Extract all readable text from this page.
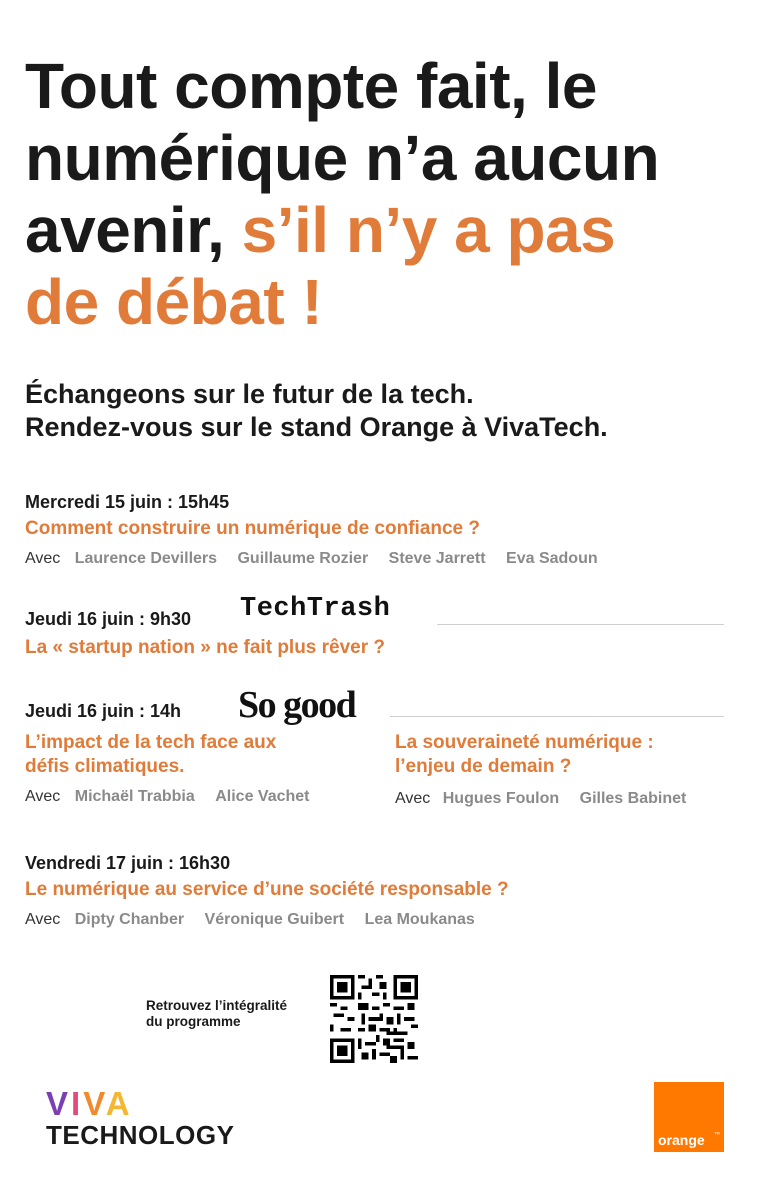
Tout compte fait, le
numérique n’a aucun
avenir, s’il n’y a pas
de débat !
Échangeons sur le futur de la tech.
Rendez-vous sur le stand Orange à VivaTech.
Mercredi 15 juin : 15h45
Comment construire un numérique de confiance ?
Avec Laurence Devillers Guillaume Rozier Steve Jarrett Eva Sadoun
Jeudi 16 juin : 9h30
La « startup nation » ne fait plus rêver ?
TechTrash
Jeudi 16 juin : 14h	So good
L’impact de la tech face aux
défis climatiques.
Avec Michaël Trabbia Alice Vachet
La souveraineté numérique :
l’enjeu de demain ?
Avec Hugues Foulon Gilles Babinet
Vendredi 17 juin : 16h30
Le numérique au service d’une société responsable ?
Avec Dipty Chanber Véronique Guibert Lea Moukanas
Retrouvez l’intégralité
du programme
VIVA
TECHNOLOGY	™
orange
